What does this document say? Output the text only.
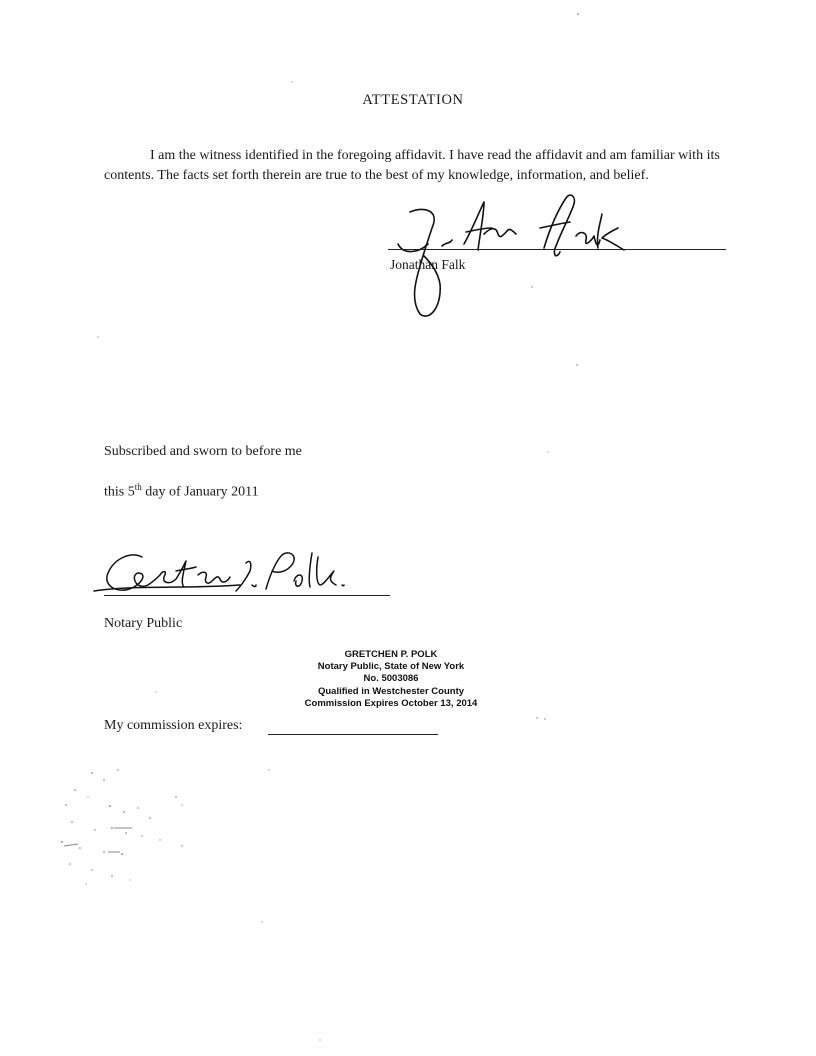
ATTESTATION
I am the witness identified in the foregoing affidavit. I have read the affidavit and am familiar with its contents. The facts set forth therein are true to the best of my knowledge, information, and belief.
Jonathan Falk
Subscribed and sworn to before me
this 5th day of January 2011
Notary Public
GRETCHEN P. POLK
Notary Public, State of New York
No. 5003086
Qualified in Westchester County
Commission Expires October 13, 2014
My commission expires:
